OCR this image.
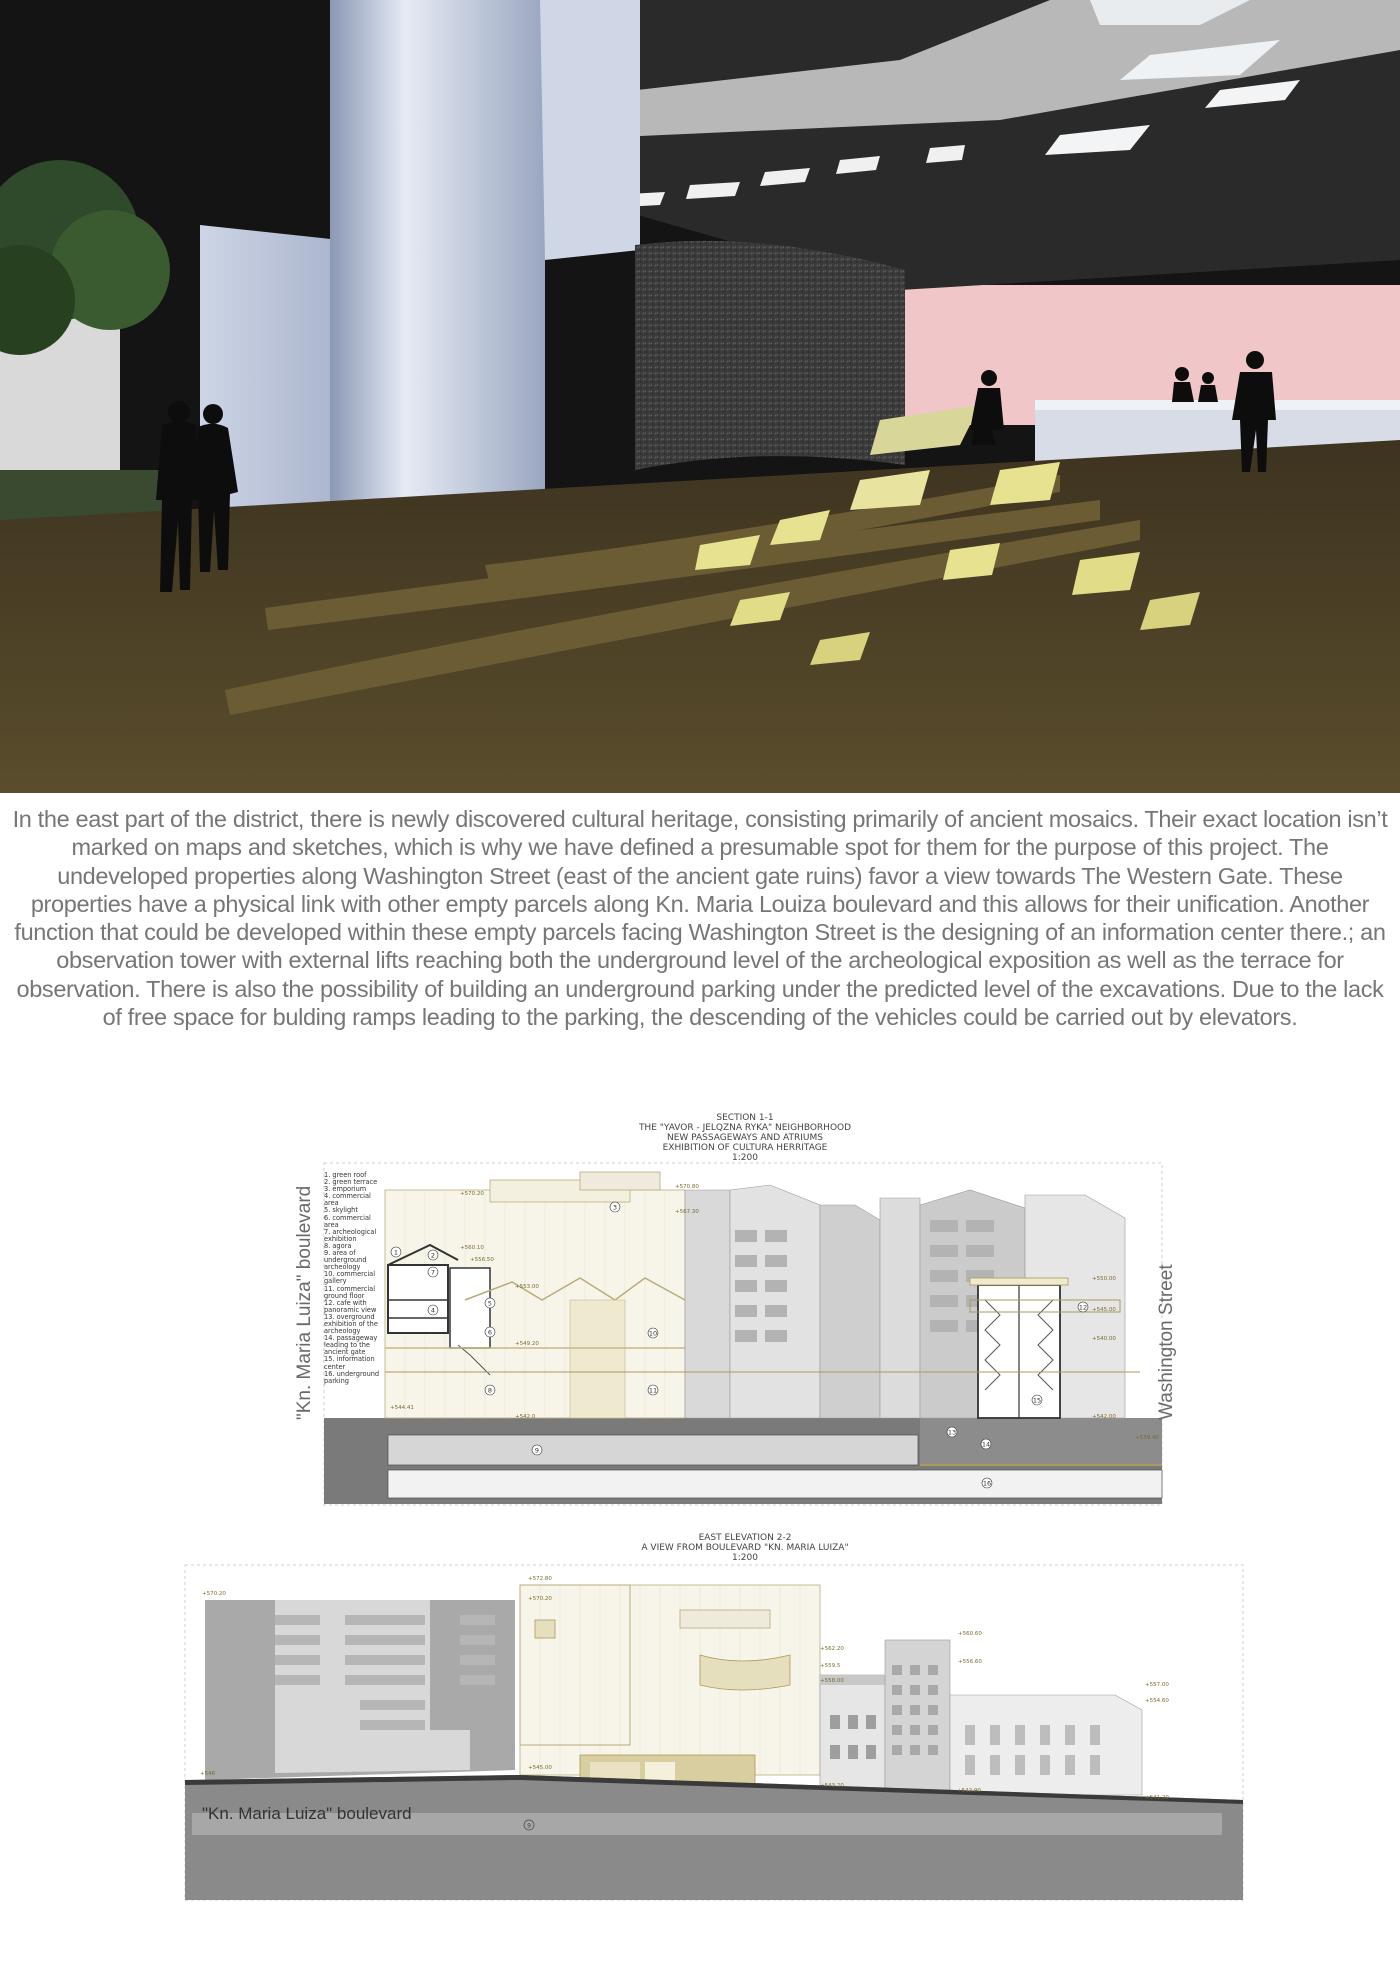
In the east part of the district, there is newly discovered cultural heritage, consisting primarily of ancient mosaics. Their exact location isn’t marked on maps and sketches, which is why we have defined a presumable spot for them for the purpose of this project. The undeveloped properties along Washington Street (east of the ancient gate ruins) favor a view towards The Western Gate. These properties have a physical link with other empty parcels along Kn. Maria Louiza boulevard and this allows for their unification. Another function that could be developed within these empty parcels facing Washington Street is the designing of an information center there.; an observation tower with external lifts reaching both the underground level of the archeological exposition as well as the terrace for observation. There is also the possibility of building an underground parking under the predicted level of the excavations. Due to the lack of free space for bulding ramps leading to the parking, the descending of the vehicles could be carried out by elevators.

SECTION 1-1
THE "YAVOR - JELQZNA RYKA" NEIGHBORHOOD
NEW PASSAGEWAYS AND ATRIUMS
EXHIBITION OF CULTURA HERRITAGE
1:200
1	2
3
4
5
6
7
8
9
10
11
12
13
14
15
16
+570.20
+570.80
+567.30
+560.10
+556.50
+553.00
+549.20
+544.41
+542.0
+550.00
+542.00
+540.00
+545.00
+539.40
1. green roof
2. green terrace
3. emporium
4. commercial area
5. skylight
6. commercial area
7. archeological
exhibition
8. agora
9. area of
underground
archeology
10. commercial
gallery
11. commercial
ground floor
12. cafe with
panoramic view
13. overground
exhibition of the
archeology
14. passageway
leading to the
ancient gate
15. information
center
16. underground
parking
"Kn. Maria Luiza" boulevard	Washington Street
EAST ELEVATION 2-2
A VIEW FROM BOULEVARD "KN. MARIA LUIZA"
1:200
9
+570.20
+572.80
+570.20
+562.20
+559.5
+558.00
+560.60
+556.60
+557.00
+554.60
+546
+545.00
+543.20
+542.90
+541.20
"Kn. Maria Luiza" boulevard
